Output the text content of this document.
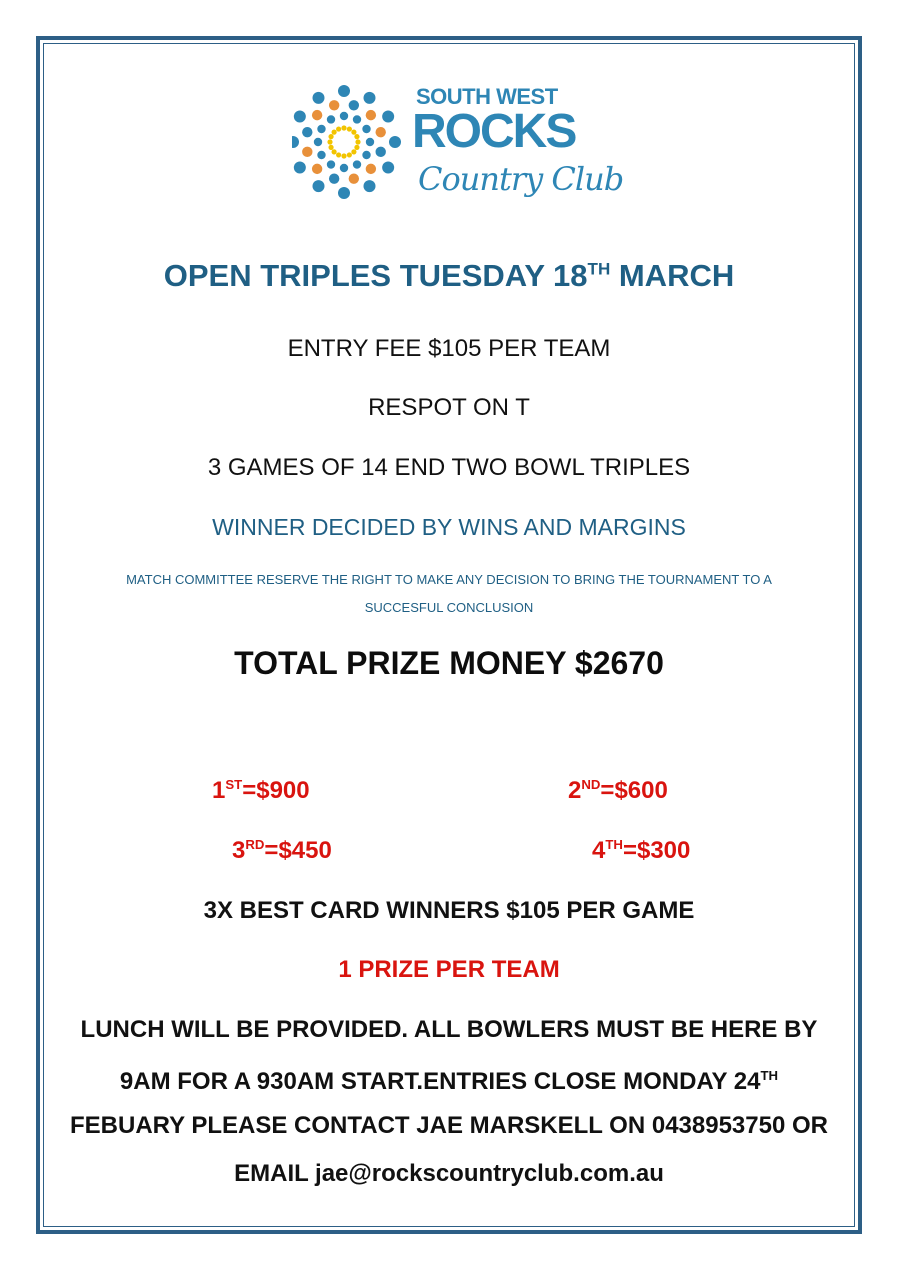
SOUTH WEST
ROCKS
Country Club
OPEN TRIPLES TUESDAY 18TH MARCH
ENTRY FEE $105 PER TEAM
RESPOT ON T
3 GAMES OF 14 END TWO BOWL TRIPLES
WINNER DECIDED BY WINS AND MARGINS
MATCH COMMITTEE RESERVE THE RIGHT TO MAKE ANY DECISION TO BRING THE TOURNAMENT TO A
SUCCESFUL CONCLUSION
TOTAL PRIZE MONEY $2670
1ST=$900	2ND=$600
3RD=$450	4TH=$300
3X BEST CARD WINNERS $105 PER GAME
1 PRIZE PER TEAM
LUNCH WILL BE PROVIDED. ALL BOWLERS MUST BE HERE BY
9AM FOR A 930AM START.ENTRIES CLOSE MONDAY 24TH
FEBUARY PLEASE CONTACT JAE MARSKELL ON 0438953750 OR
EMAIL jae@rockscountryclub.com.au
